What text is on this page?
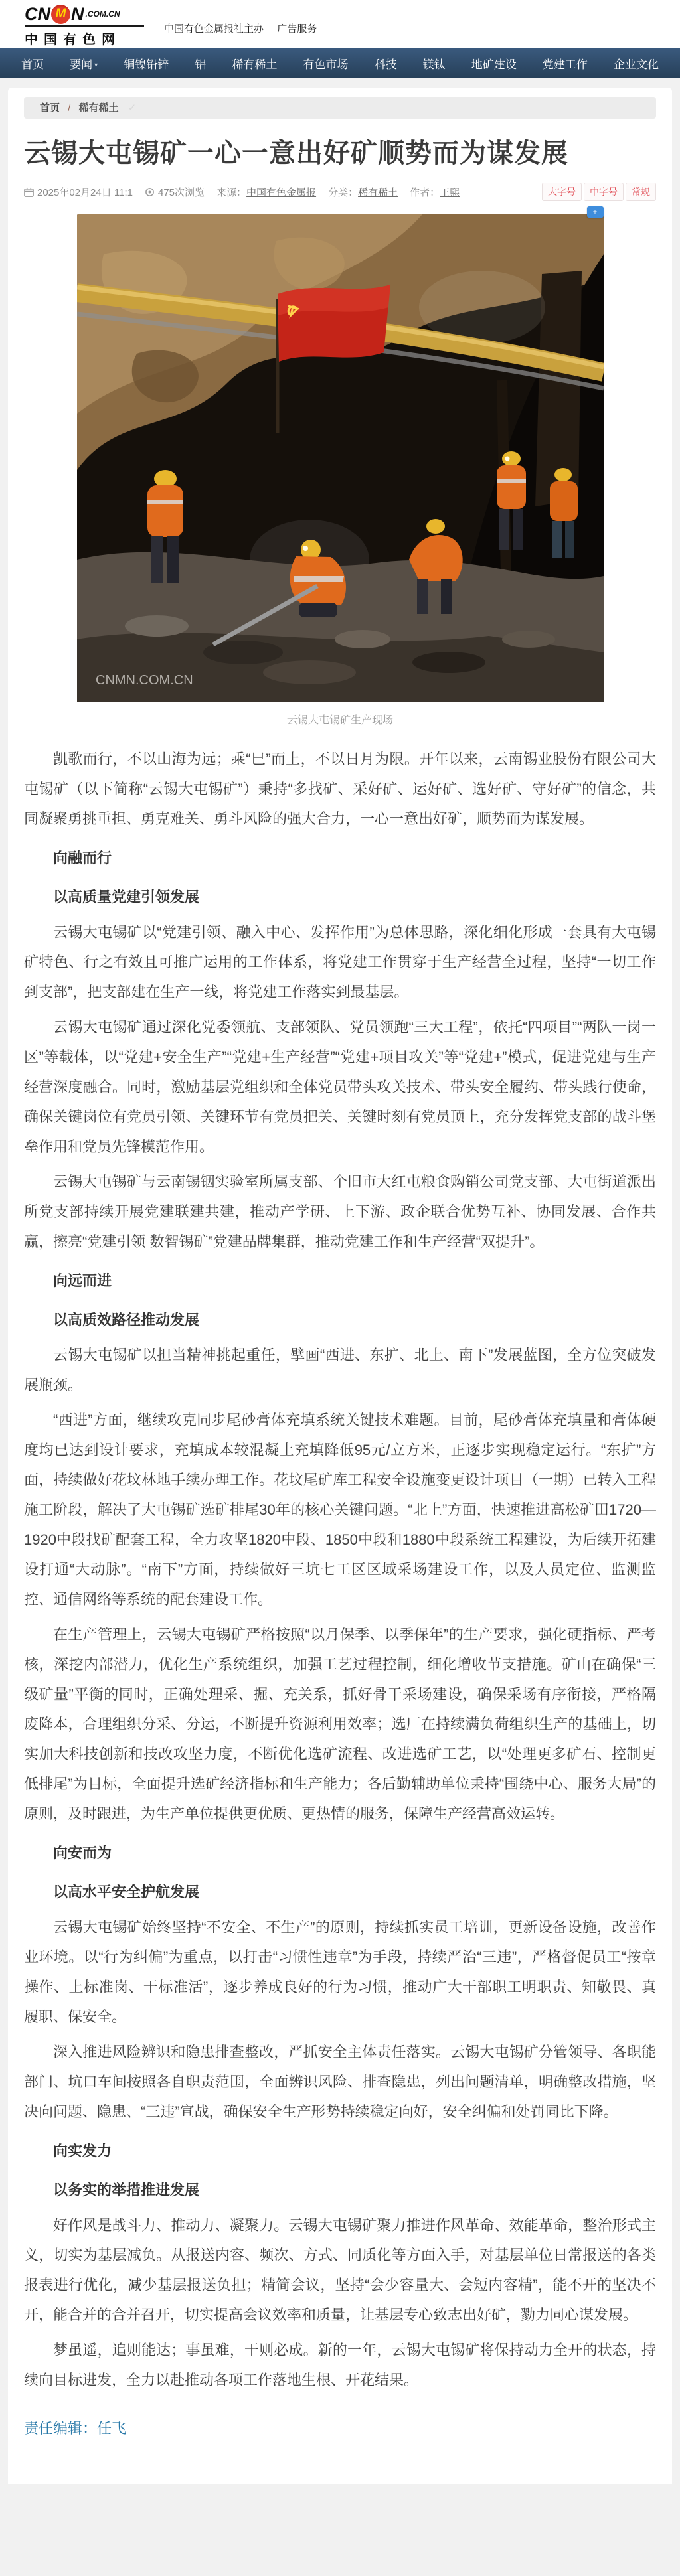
CN M N .COM.CN
中国有色网
中国有色金属报社主办 广告服务
首页 要闻 ▾ 铜镍铅锌 铝 稀有稀土 有色市场 科技 镁钛 地矿建设 党建工作 企业文化
首页 / 稀有稀土 ✓
云锡大屯锡矿一心一意出好矿顺势而为谋发展
2025年02月24日 11:1	475次浏览 来源： 中国有色金属报 分类： 稀有稀土 作者： 王熙	大字号	中字号	常规
+
CNMN.COM.CN
云锡大屯锡矿生产现场

凯歌而行，不以山海为远；乘“巳”而上，不以日月为限。开年以来，云南锡业股份有限公司大屯锡矿（以下简称“云锡大屯锡矿”）秉持“多找矿、采好矿、运好矿、选好矿、守好矿”的信念，共同凝聚勇挑重担、勇克难关、勇斗风险的强大合力，一心一意出好矿，顺势而为谋发展。

向融而行

以高质量党建引领发展

云锡大屯锡矿以“党建引领、融入中心、发挥作用”为总体思路，深化细化形成一套具有大屯锡矿特色、行之有效且可推广运用的工作体系，将党建工作贯穿于生产经营全过程，坚持“一切工作到支部”，把支部建在生产一线，将党建工作落实到最基层。

云锡大屯锡矿通过深化党委领航、支部领队、党员领跑“三大工程”，依托“四项目”“两队一岗一区”等载体，以“党建+安全生产”“党建+生产经营”“党建+项目攻关”等“党建+”模式，促进党建与生产经营深度融合。同时，激励基层党组织和全体党员带头攻关技术、带头安全履约、带头践行使命，确保关键岗位有党员引领、关键环节有党员把关、关键时刻有党员顶上，充分发挥党支部的战斗堡垒作用和党员先锋模范作用。

云锡大屯锡矿与云南锡铟实验室所属支部、个旧市大红屯粮食购销公司党支部、大屯街道派出所党支部持续开展党建联建共建，推动产学研、上下游、政企联合优势互补、协同发展、合作共赢，擦亮“党建引领 数智锡矿”党建品牌集群，推动党建工作和生产经营“双提升”。

向远而进

以高质效路径推动发展

云锡大屯锡矿以担当精神挑起重任，擘画“西进、东扩、北上、南下”发展蓝图，全方位突破发展瓶颈。

“西进”方面，继续攻克同步尾砂膏体充填系统关键技术难题。目前，尾砂膏体充填量和膏体硬度均已达到设计要求，充填成本较混凝土充填降低95元/立方米，正逐步实现稳定运行。“东扩”方面，持续做好花坟林地手续办理工作。花坟尾矿库工程安全设施变更设计项目（一期）已转入工程施工阶段，解决了大屯锡矿选矿排尾30年的核心关键问题。“北上”方面，快速推进高松矿田1720—1920中段找矿配套工程，全力攻坚1820中段、1850中段和1880中段系统工程建设，为后续开拓建设打通“大动脉”。“南下”方面，持续做好三坑七工区区域采场建设工作，以及人员定位、监测监控、通信网络等系统的配套建设工作。

在生产管理上，云锡大屯锡矿严格按照“以月保季、以季保年”的生产要求，强化硬指标、严考核，深挖内部潜力，优化生产系统组织，加强工艺过程控制，细化增收节支措施。矿山在确保“三级矿量”平衡的同时，正确处理采、掘、充关系，抓好骨干采场建设，确保采场有序衔接，严格隔废降本，合理组织分采、分运，不断提升资源利用效率；选厂在持续满负荷组织生产的基础上，切实加大科技创新和技改攻坚力度，不断优化选矿流程、改进选矿工艺，以“处理更多矿石、控制更低排尾”为目标，全面提升选矿经济指标和生产能力；各后勤辅助单位秉持“围绕中心、服务大局”的原则，及时跟进，为生产单位提供更优质、更热情的服务，保障生产经营高效运转。

向安而为

以高水平安全护航发展

云锡大屯锡矿始终坚持“不安全、不生产”的原则，持续抓实员工培训，更新设备设施，改善作业环境。以“行为纠偏”为重点，以打击“习惯性违章”为手段，持续严治“三违”，严格督促员工“按章操作、上标准岗、干标准活”，逐步养成良好的行为习惯，推动广大干部职工明职责、知敬畏、真履职、保安全。

深入推进风险辨识和隐患排查整改，严抓安全主体责任落实。云锡大屯锡矿分管领导、各职能部门、坑口车间按照各自职责范围，全面辨识风险、排查隐患，列出问题清单，明确整改措施，坚决向问题、隐患、“三违”宣战，确保安全生产形势持续稳定向好，安全纠偏和处罚同比下降。

向实发力

以务实的举措推进发展

好作风是战斗力、推动力、凝聚力。云锡大屯锡矿聚力推进作风革命、效能革命，整治形式主义，切实为基层减负。从报送内容、频次、方式、同质化等方面入手，对基层单位日常报送的各类报表进行优化，减少基层报送负担；精简会议，坚持“会少容量大、会短内容精”，能不开的坚决不开，能合并的合并召开，切实提高会议效率和质量，让基层专心致志出好矿，勠力同心谋发展。

梦虽遥，追则能达；事虽难，干则必成。新的一年，云锡大屯锡矿将保持动力全开的状态，持续向目标进发，全力以赴推动各项工作落地生根、开花结果。

责任编辑：任飞
